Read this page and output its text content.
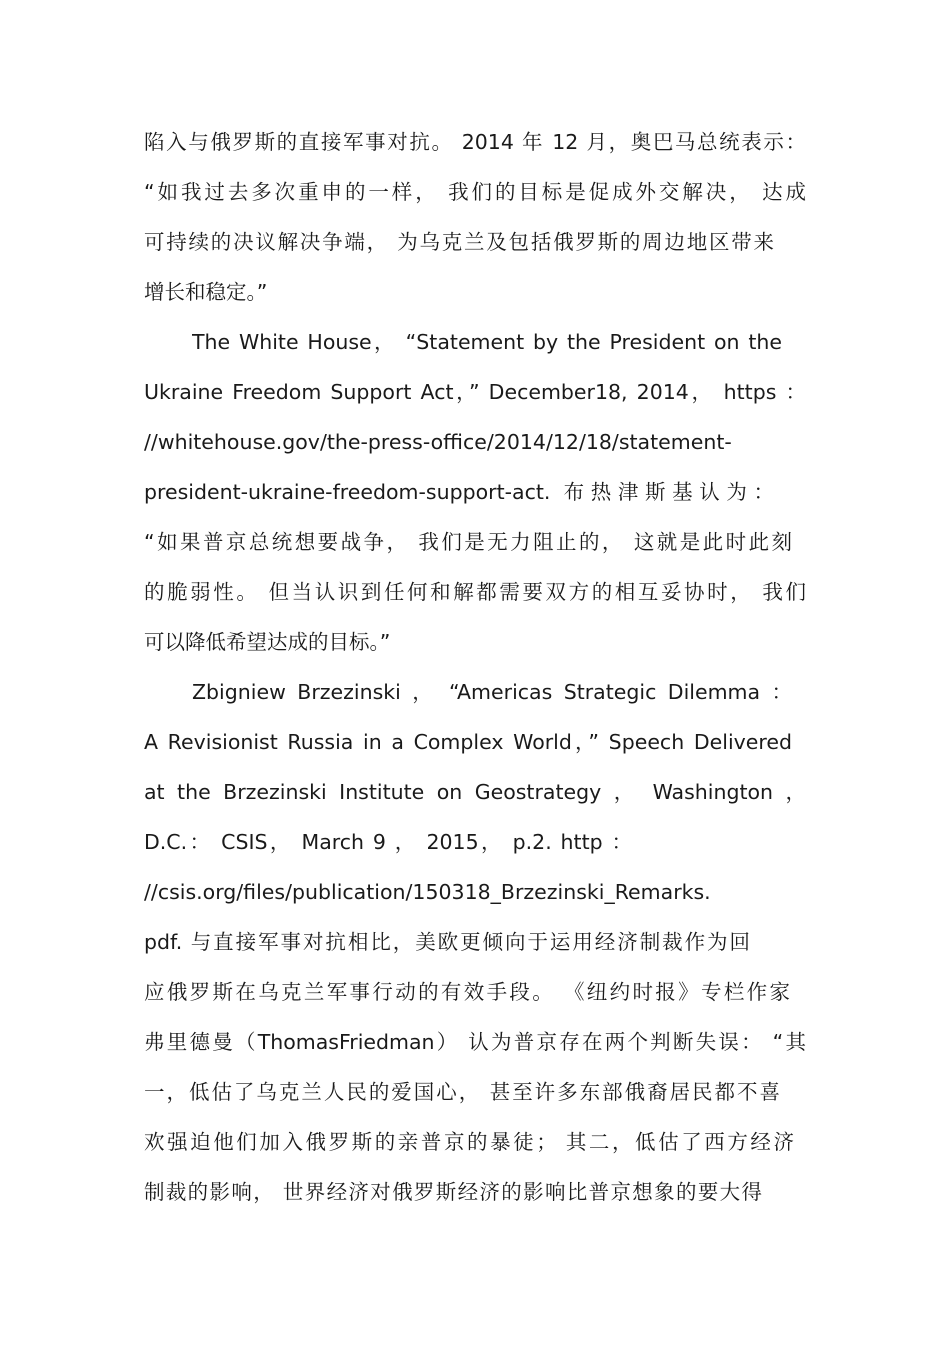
陷入与俄罗斯的直接军事对抗。 2014 年 12 月，奥巴马总统表示：
“如我过去多次重申的一样， 我们的目标是促成外交解决， 达成
可持续的决议解决争端， 为乌克兰及包括俄罗斯的周边地区带来
增长和稳定。”
The White House， “Statement by the President on the
Ukraine Freedom Support Act，” December18, 2014， https ：
//whitehouse.gov/the-press-office/2014/12/18/statement-
president-ukraine-freedom-support-act. 布热津斯基认为：
“如果普京总统想要战争， 我们是无力阻止的， 这就是此时此刻
的脆弱性。 但当认识到任何和解都需要双方的相互妥协时， 我们
可以降低希望达成的目标。”
Zbigniew Brzezinski ， “Americas Strategic Dilemma ：
A Revisionist Russia in a Complex World，” Speech Delivered
at the Brzezinski Institute on Geostrategy ， Washington ，
D.C.： CSIS， March 9 ， 2015， p.2. http ：
//csis.org/files/publication/150318_Brzezinski_Remarks.
pdf. 与直接军事对抗相比，美欧更倾向于运用经济制裁作为回
应俄罗斯在乌克兰军事行动的有效手段。 《纽约时报》专栏作家
弗里德曼（ThomasFriedman） 认为普京存在两个判断失误： “其
一，低估了乌克兰人民的爱国心， 甚至许多东部俄裔居民都不喜
欢强迫他们加入俄罗斯的亲普京的暴徒； 其二，低估了西方经济
制裁的影响， 世界经济对俄罗斯经济的影响比普京想象的要大得
